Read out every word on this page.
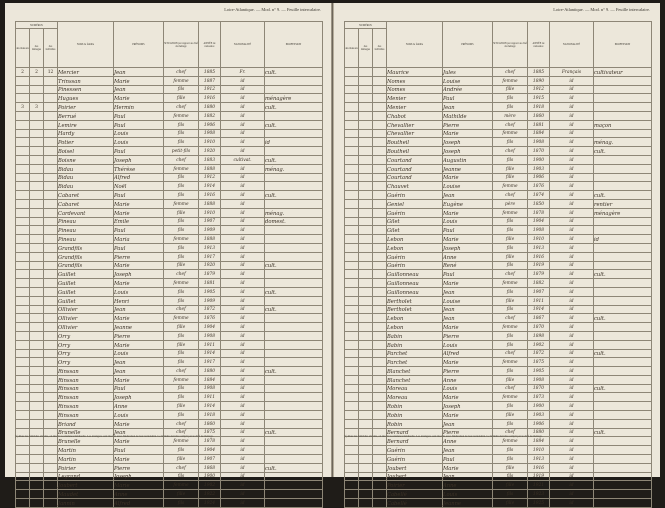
Loire-Atlantique. — Mod. n° 9. — Feuille intercalaire.
NUMÉROS			NOM de famille	PRÉNOMS	SITUATION par rapport au chef de ménage	ANNÉE de naissance	NATIONALITÉ	PROFESSION
des maisons	des ménages	des individus						
2	2	12	Mercier	Jean	chef	1885	Fr.	cult.
			Trinssan	Marie	femme	1887	id	
			Pinessen	Jean	fils	1912	id	
			Hugues	Marie	fille	1916	id	ménagère
3	3		Poirier	Hermin	chef	1880	id	cult.
			Berrué	Paul	femme	1882	id	
			Lemire	Paul	fils	1906	id	cult.
			Hardy	Louis	fils	1908	id	
			Potier	Louis	fils	1910	id	id
			Boisel	Paul	petit-fils	1920	id	
			Boisne	Joseph	chef	1883	cultivat.	cult.
			Bidau	Thérèse	femme	1888	id	ménag.
			Bidau	Alfred	fils	1912	id	
			Bidau	Noël	fils	1914	id	
			Cabaret	Paul	fils	1916	id	cult.
			Cabaret	Marie	femme	1888	id	
			Cardevant	Marie	fille	1910	id	ménag.
			Pineau	Emile	fils	1907	id	domest.
			Pineau	Paul	fils	1909	id	
			Pineau	Maria	femme	1888	id	
			Grandfils	Paul	fils	1913	id	
			Grandfils	Pierre	fils	1917	id	
			Grandfils	Marie	fille	1920	id	cult.
			Guillet	Joseph	chef	1879	id	
			Guillet	Marie	femme	1881	id	
			Guillet	Louis	fils	1905	id	cult.
			Guillet	Henri	fils	1909	id	
			Ollivier	Jean	chef	1872	id	cult.
			Ollivier	Marie	femme	1876	id	
			Ollivier	Jeanne	fille	1904	id	
			Orry	Pierre	fils	1908	id	
			Orry	Marie	fille	1911	id	
			Orry	Louis	fils	1914	id	
			Orry	Jean	fils	1917	id	
			Rinssan	Jean	chef	1880	id	cult.
			Rinssan	Marie	femme	1884	id	
			Rinssan	Paul	fils	1908	id	
			Rinssan	Joseph	fils	1911	id	
			Rinssan	Anne	fille	1914	id	
			Rinssan	Louis	fils	1918	id	
			Briand	Marie	chef	1860	id	
			Brunelle	Jean	chef	1875	id	cult.
			Brunelle	Marie	femme	1878	id	
			Martin	Paul	fils	1904	id	
			Martin	Marie	fille	1907	id	
			Poirier	Pierre	chef	1868	id	cult.
			Legrand	Joseph	fils	1900	id	
			Joubert	Marie	femme	1902	id	
			Maudet	Anne	fille	1922	id	
			Jannin	Alfred	fils	1924	id	
(1) Pour les individus absents, on inscrit la résidence habituelle. Les étrangers sont inscrits avec l'indication de leur nationalité. Le bulletin doit être rempli par le chef de ménage.
Loire-Atlantique. — Mod. n° 9. — Feuille intercalaire.
NUMÉROS			NOM de famille	PRÉNOMS	SITUATION par rapport au chef de ménage	ANNÉE de naissance	NATIONALITÉ	PROFESSION
des maisons	des ménages	des individus						
			Maurice	Jules	chef	1885	Français	cultivateur
			Nomes	Louise	femme	1890	id	
			Nomes	Andrée	fille	1912	id	
			Menier	Paul	fils	1915	id	
			Menier	Jean	fils	1918	id	
			Chabot	Mathilde	mère	1860	id	
			Chevallier	Pierre	chef	1881	id	maçon
			Chevallier	Marie	femme	1884	id	
			Boutheil	Joseph	fils	1908	id	ménag.
			Boutheil	Joseph	chef	1870	id	cult.
			Courtand	Augustin	fils	1900	id	
			Courtand	Jeanne	fille	1903	id	
			Courtand	Marie	fille	1906	id	
			Chauvet	Louise	femme	1876	id	
			Guérin	Jean	chef	1874	id	cult.
			Geniel	Eugène	père	1850	id	rentier
			Guérin	Marie	femme	1878	id	ménagère
			Gilet	Louis	fils	1904	id	
			Gilet	Paul	fils	1908	id	
			Lebon	Marie	fille	1910	id	id
			Lebon	Joseph	fils	1913	id	
			Guérin	Anne	fille	1916	id	
			Guérin	René	fils	1919	id	
			Guillonneau	Paul	chef	1879	id	cult.
			Guillonneau	Marie	femme	1882	id	
			Guillonneau	Jean	fils	1907	id	
			Bertholet	Louise	fille	1911	id	
			Bertholet	Jean	fils	1914	id	
			Lebon	Jean	chef	1867	id	cult.
			Lebon	Marie	femme	1870	id	
			Babin	Pierre	fils	1898	id	
			Babin	Louis	fils	1902	id	
			Parchet	Alfred	chef	1872	id	cult.
			Parchet	Marie	femme	1875	id	
			Blanchet	Pierre	fils	1905	id	
			Blanchet	Anne	fille	1908	id	
			Moreau	Louis	chef	1870	id	cult.
			Moreau	Marie	femme	1873	id	
			Robin	Joseph	fils	1900	id	
			Robin	Marie	fille	1903	id	
			Robin	Jean	fils	1906	id	
			Bernard	Pierre	chef	1880	id	cult.
			Bernard	Anne	femme	1884	id	
			Guérin	Jean	fils	1910	id	
			Guérin	Paul	fils	1913	id	
			Joubert	Marie	fille	1916	id	
			Joubert	Jean	fils	1919	id	
			Poirier	Anne	fille	1921	id	
			Cabellé	Louis	fils	1923	id	
			Cabellé	Jeanne	fille	1925	id	
(1) Pour les individus absents, on inscrit la résidence habituelle. Les étrangers sont inscrits avec l'indication de leur nationalité. Le bulletin doit être rempli par le chef de ménage.
